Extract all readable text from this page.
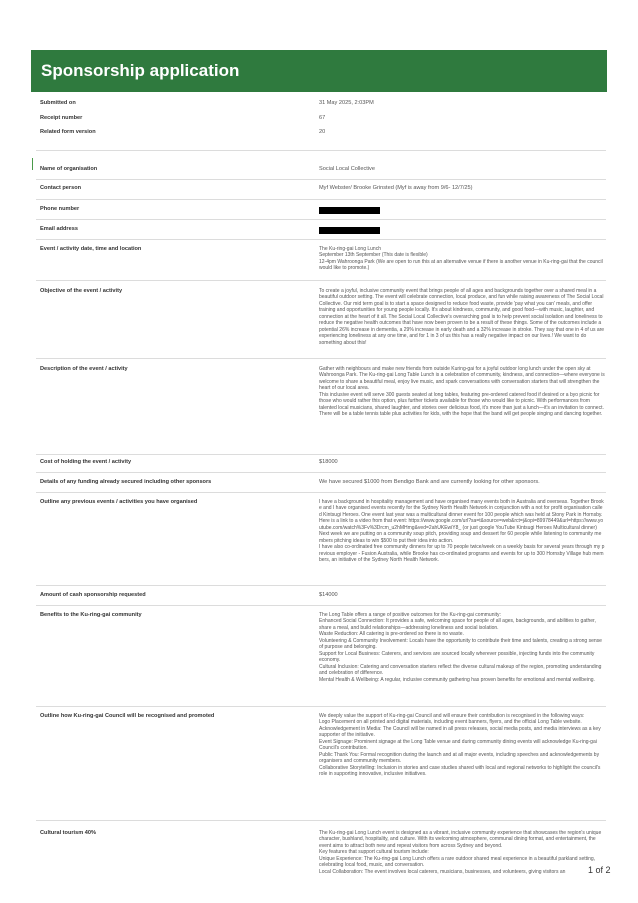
Sponsorship application
Submitted on	31 May 2025, 2:03PM
Receipt number	67
Related form version	20
Name of organisation	Social Local Collective
Contact person	Myf Webster/ Brooke Grinsted (Myf is away from 9/6- 12/7/25)
Phone number
Email address
Event / activity date, time and location	The Ku-ring-gai Long Lunch
September 13th September (This date is flexible)
12-4pm Wahroonga Park (We are open to run this at an alternative venue if there is another venue in Ku-ring-gai that the council would like to promote.)
Objective of the event / activity	To create a joyful, inclusive community event that brings people of all ages and backgrounds together over a shared meal in a beautiful outdoor setting. The event will celebrate connection, local produce, and fun while raising awareness of The Social Local Collective. Our mid term goal is to start a space designed to reduce food waste, provide 'pay what you can' meals, and offer training and opportunities for young people locally. It's about kindness, community, and good food—with music, laughter, and connection at the heart of it all. The Social Local Collective's overarching goal is to help prevent social isolation and loneliness to reduce the negative health outcomes that have now been proven to be a result of these things. Some of the outcomes include a potential 26% increase in dementia, a 29% increase in early death and a 32% increase in stroke. They say that one in 4 of us are experiencing loneliness at any one time, and for 1 in 3 of us this has a really negative impact on our lives.! We want to do something about this!
Description of the event / activity	Gather with neighbours and make new friends from outside Kuring-gai for a joyful outdoor long lunch under the open sky at Wahroonga Park. The Ku-ring-gai Long Table Lunch is a celebration of community, kindness, and connection—where everyone is welcome to share a beautiful meal, enjoy live music, and spark conversations with conversation starters that will strengthen the heart of our local area.
This inclusive event will serve 300 guests seated at long tables, featuring pre-ordered catered food if desired or a byo picnic for those who would rather this option, plus further tickets available for those who would like to picnic. With performances from talented local musicians, shared laughter, and stories over delicious food, it's more than just a lunch—it's an invitation to connect. There will be a table tennis table plus activities for kids, with the hope that the band will get people singing and dancing together.
Cost of holding the event / activity	$18000
Details of any funding already secured including other sponsors	We have secured $1000 from Bendigo Bank and are currently looking for other sponsors.
Outline any previous events / activities you have organised	I have a background in hospitality management and have organised many events both in Australia and overseas. Together Brooke and I have organised events recently for the Sydney North Health Network in conjunction with a not for profit organisation called Kintsugi Heroes. One event last year was a multicultural dinner event for 100 people which was held at Stony Park in Hornsby. Here is a link to a video from that event: https://www.google.com/url?sa=t&source=web&rct=j&opi=89978449&url=https://www.youtube.com/watch%3Fv%3Drcm_u2hMHmg&ved=2ahUKEwiY8_ (or just google YouTube Kintsugi Heroes Multicultural dinner)
Next week we are putting on a community soup pitch, providing soup and dessert for 60 people while listening to community members pitching ideas to win $500 to put their idea into action.
I have also co-ordinated free community dinners for up to 70 people twice/week on a weekly basis for several years through my previous employer - Fusion Australia, while Brooke has co-ordinated programs and events for up to 300 Hornsby Village hub members, an initiative of the Sydney North Health Network.
Amount of cash sponsorship requested	$14000
Benefits to the Ku-ring-gai community	The Long Table offers a range of positive outcomes for the Ku-ring-gai community:
Enhanced Social Connection: It provides a safe, welcoming space for people of all ages, backgrounds, and abilities to gather, share a meal, and build relationships—addressing loneliness and social isolation.
Waste Reduction: All catering is pre-ordered so there is no waste.
Volunteering & Community Involvement: Locals have the opportunity to contribute their time and talents, creating a strong sense of purpose and belonging.
Support for Local Business: Caterers, and services are sourced locally wherever possible, injecting funds into the community economy.
Cultural Inclusion: Catering and conversation starters reflect the diverse cultural makeup of the region, promoting understanding and celebration of difference.
Mental Health & Wellbeing: A regular, inclusive community gathering has proven benefits for emotional and mental wellbeing.
Outline how Ku-ring-gai Council will be recognised and promoted	We deeply value the support of Ku-ring-gai Council and will ensure their contribution is recognised in the following ways:
Logo Placement on all printed and digital materials, including event banners, flyers, and the official Long Table website.
Acknowledgement in Media: The Council will be named in all press releases, social media posts, and media interviews as a key supporter of the initiative.
Event Signage: Prominent signage at the Long Table venue and during community dining events will acknowledge Ku-ring-gai Council's contribution.
Public Thank You: Formal recognition during the launch and at all major events, including speeches and acknowledgements by organisers and community members.
Collaborative Storytelling: Inclusion in stories and case studies shared with local and regional networks to highlight the council's role in supporting innovative, inclusive initiatives.
Cultural tourism 40%	The Ku-ring-gai Long Lunch event is designed as a vibrant, inclusive community experience that showcases the region's unique character, bushland, hospitality, and culture. With its welcoming atmosphere, communal dining format, and entertainment, the event aims to attract both new and repeat visitors from across Sydney and beyond.
Key features that support cultural tourism include:
Unique Experience: The Ku-ring-gai Long Lunch offers a rare outdoor shared meal experience in a beautiful parkland setting, celebrating local food, music, and conversation.
Local Collaboration: The event involves local caterers, musicians, businesses, and volunteers, giving visitors an	1 of 2
